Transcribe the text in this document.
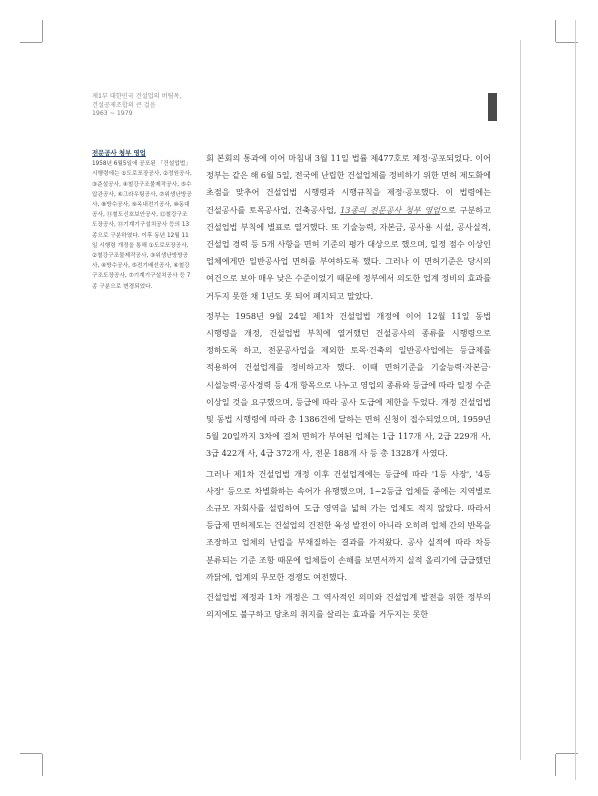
제1부 대한민국 건설업의 버팀목,
건설공제조합의 큰 걸음
1963 ~ 1979
전문공사 청부 영업
1958년 6월5일에 공포된 「건설업법」 시행령에는 ①도로포장공사, ②정원공사, ③준설공사, ④철강구조물제작공사, ⑤수압관공사, ⑥그라우팅공사, ⑦위생난방공사, ⑧방수공사, ⑨옥내전기공사, ⑩동대공사, ⑪철도신호보안공사, ⑫철강구조도장공사, ⑬기계기구설치공사 등의 13종으로 구분하였다. 이후 동년 12월 11일 시행령 개정을 통해 ①도로포장공사, ②철강구조물제작공사, ③위생난방방공사, ④방수공사, ⑤전기배선공사, ⑥철강구조도장공사, ⑦기계기구설치공사 등 7종 구분으로 변경되었다.

회 본회의 통과에 이어 마침내 3월 11일 법률 제477호로 제정·공포되었다. 이어 정부는 같은 해 6월 5일, 전국에 난립한 건설업체를 정비하기 위한 면허 제도화에 초점을 맞추어 건설업법 시행령과 시행규칙을 제정·공포했다. 이 법령에는 건설공사를 토목공사업, 건축공사업, 13종의 전문공사 청부 영업으로 구분하고 건설업법 부칙에 별표로 열거했다. 또 기술능력, 자본금, 공사용 시설, 공사실적, 건설업 경력 등 5개 사항을 면허 기준의 평가 대상으로 했으며, 일정 점수 이상인 업체에게만 일반공사업 면허를 부여하도록 했다. 그러나 이 면허기준은 당시의 여건으로 보아 매우 낮은 수준이었기 때문에 정부에서 의도한 업계 정비의 효과를 거두지 못한 채 1년도 못 되어 폐지되고 말았다.

정부는 1958년 9월 24일 제1차 건설업법 개정에 이어 12월 11일 동법 시행령을 개정, 건설업법 부칙에 열거했던 건설공사의 종류를 시행령으로 정하도록 하고, 전문공사업을 제외한 토목·건축의 일반공사업에는 등급제를 적용하여 건설업계를 정비하고자 했다. 이때 면허기준을 기술능력·자본금·시설능력·공사경력 등 4개 항목으로 나누고 영업의 종류와 등급에 따라 일정 수준 이상일 것을 요구했으며, 등급에 따라 공사 도급에 제한을 두었다. 개정 건설업법 및 동법 시행령에 따라 총 1386건에 달하는 면허 신청이 접수되었으며, 1959년 5월 20일까지 3차에 걸쳐 면허가 부여된 업체는 1급 117개 사, 2급 229개 사, 3급 422개 사, 4급 372개 사, 전문 188개 사 등 총 1328개 사였다.

그러나 제1차 건설업법 개정 이후 건설업계에는 등급에 따라 '1등 사장', '4등 사장' 등으로 차별화하는 속어가 유행했으며, 1~2등급 업체들 중에는 지역별로 소규모 자회사를 설립하여 도급 영역을 넓혀 가는 업체도 적지 않았다. 따라서 등급제 면허제도는 건설업의 건전한 육성 발전이 아니라 오히려 업체 간의 반목을 조장하고 업체의 난립을 부채질하는 결과를 가져왔다. 공사 실적에 따라 차등 분류되는 기준 조항 때문에 업체들이 손해를 보면서까지 실적 올리기에 급급했던 까닭에, 업계의 무모한 경쟁도 여전했다.

건설업법 제정과 1차 개정은 그 역사적인 의미와 건설업계 발전을 위한 정부의 의지에도 불구하고 당초의 취지를 살리는 효과를 거두지는 못한
